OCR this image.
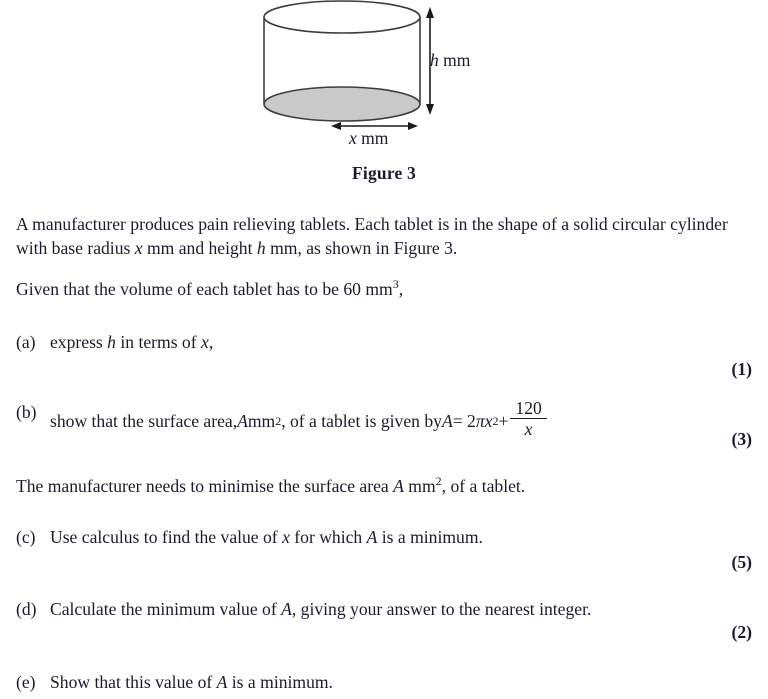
h mm
x mm
Figure 3
A manufacturer produces pain relieving tablets. Each tablet is in the shape of a solid circular cylinder with base radius x mm and height h mm, as shown in Figure 3.
Given that the volume of each tablet has to be 60 $mm^3$,
(a) express h in terms of x,
(1)
(b) show that the surface area, A mm 2 , of a tablet is given by A = 2 π x $2 + \frac{120}{x}$	(3)
The manufacturer needs to minimise the surface area A $mm^2$, of a tablet.
(c) Use calculus to find the value of x for which A is a minimum.
(5)
(d) Calculate the minimum value of A, giving your answer to the nearest integer.
(2)
(e) Show that this value of A is a minimum.
